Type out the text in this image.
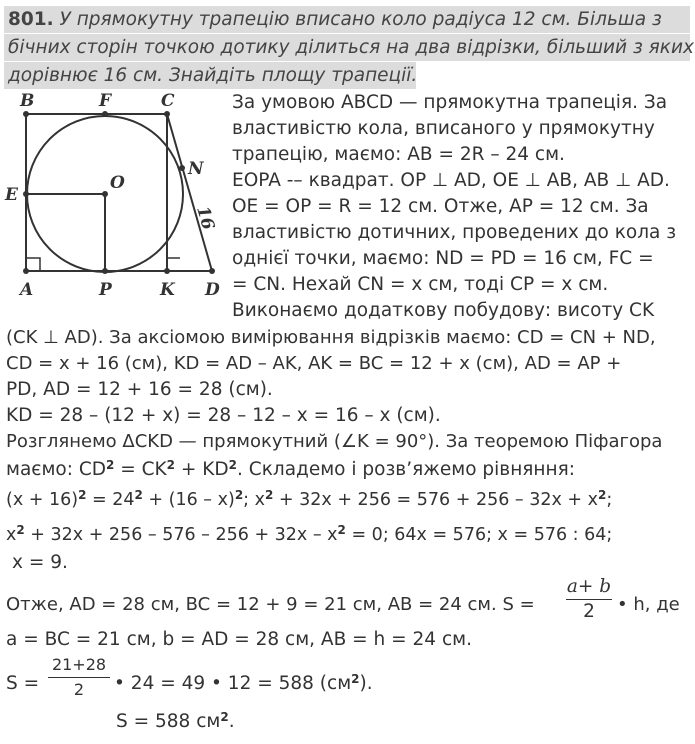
801. У прямокутну трапецію вписано коло радіуса 12 см. Більша з
бічних сторін точкою дотику ділиться на два відрізки, більший з яких
дорівнює 16 см. Знайдіть площу трапеції.
B	F	C
N
E
O
A	P	K D
16
За умовою ABCD — прямокутна трапеція. За
властивістю кола, вписаного у прямокутну
трапецію, маємо: AB = 2R – 24 см.
EOPA -– квадрат. OP ⊥ AD, OE ⊥ AB, AB ⊥ AD.
OE = OP = R = 12 см. Отже, AP = 12 см. За
властивістю дотичних, проведених до кола з
однієї точки, маємо: ND = PD = 16 см, FC =
= CN. Нехай CN = x см, тоді CP = x см.
Виконаємо додаткову побудову: висоту CK
(CK ⊥ AD). За аксіомою вимірювання відрізків маємо: CD = CN + ND,
CD = x + 16 (см), KD = AD – AK, AK = BC = 12 + x (см), AD = AP +
PD, AD = 12 + 16 = 28 (см).
KD = 28 – (12 + x) = 28 – 12 – x = 16 – x (см).
Розглянемо ΔCKD — прямокутний (∠K = 90°). За теоремою Піфагора
маємо: $CD^2 = CK^2 + KD^2$. Складемо і розв’яжемо рівняння:
$(x + 16)^2 = 24^2 + (16 - x)^2$; $x^2 + 32x + 256 = 576 + 256 - 32x + x^2$;
$x^2 + 32x + 256 - 576 - 256 + 32x - x^2 = 0$; 64x = 576; x = 576 : 64;
x = 9.
Отже, AD = 28 см, BC = 12 + 9 = 21 см, AB = 24 см. S =
a+ b
2	• h, де
a = BC = 21 см, b = AD = 28 см, AB = h = 24 см.
S =
21+28
2	• 24 = 49 • 12 = 588 $(см^2)$.
S = 588 $см^2$.
